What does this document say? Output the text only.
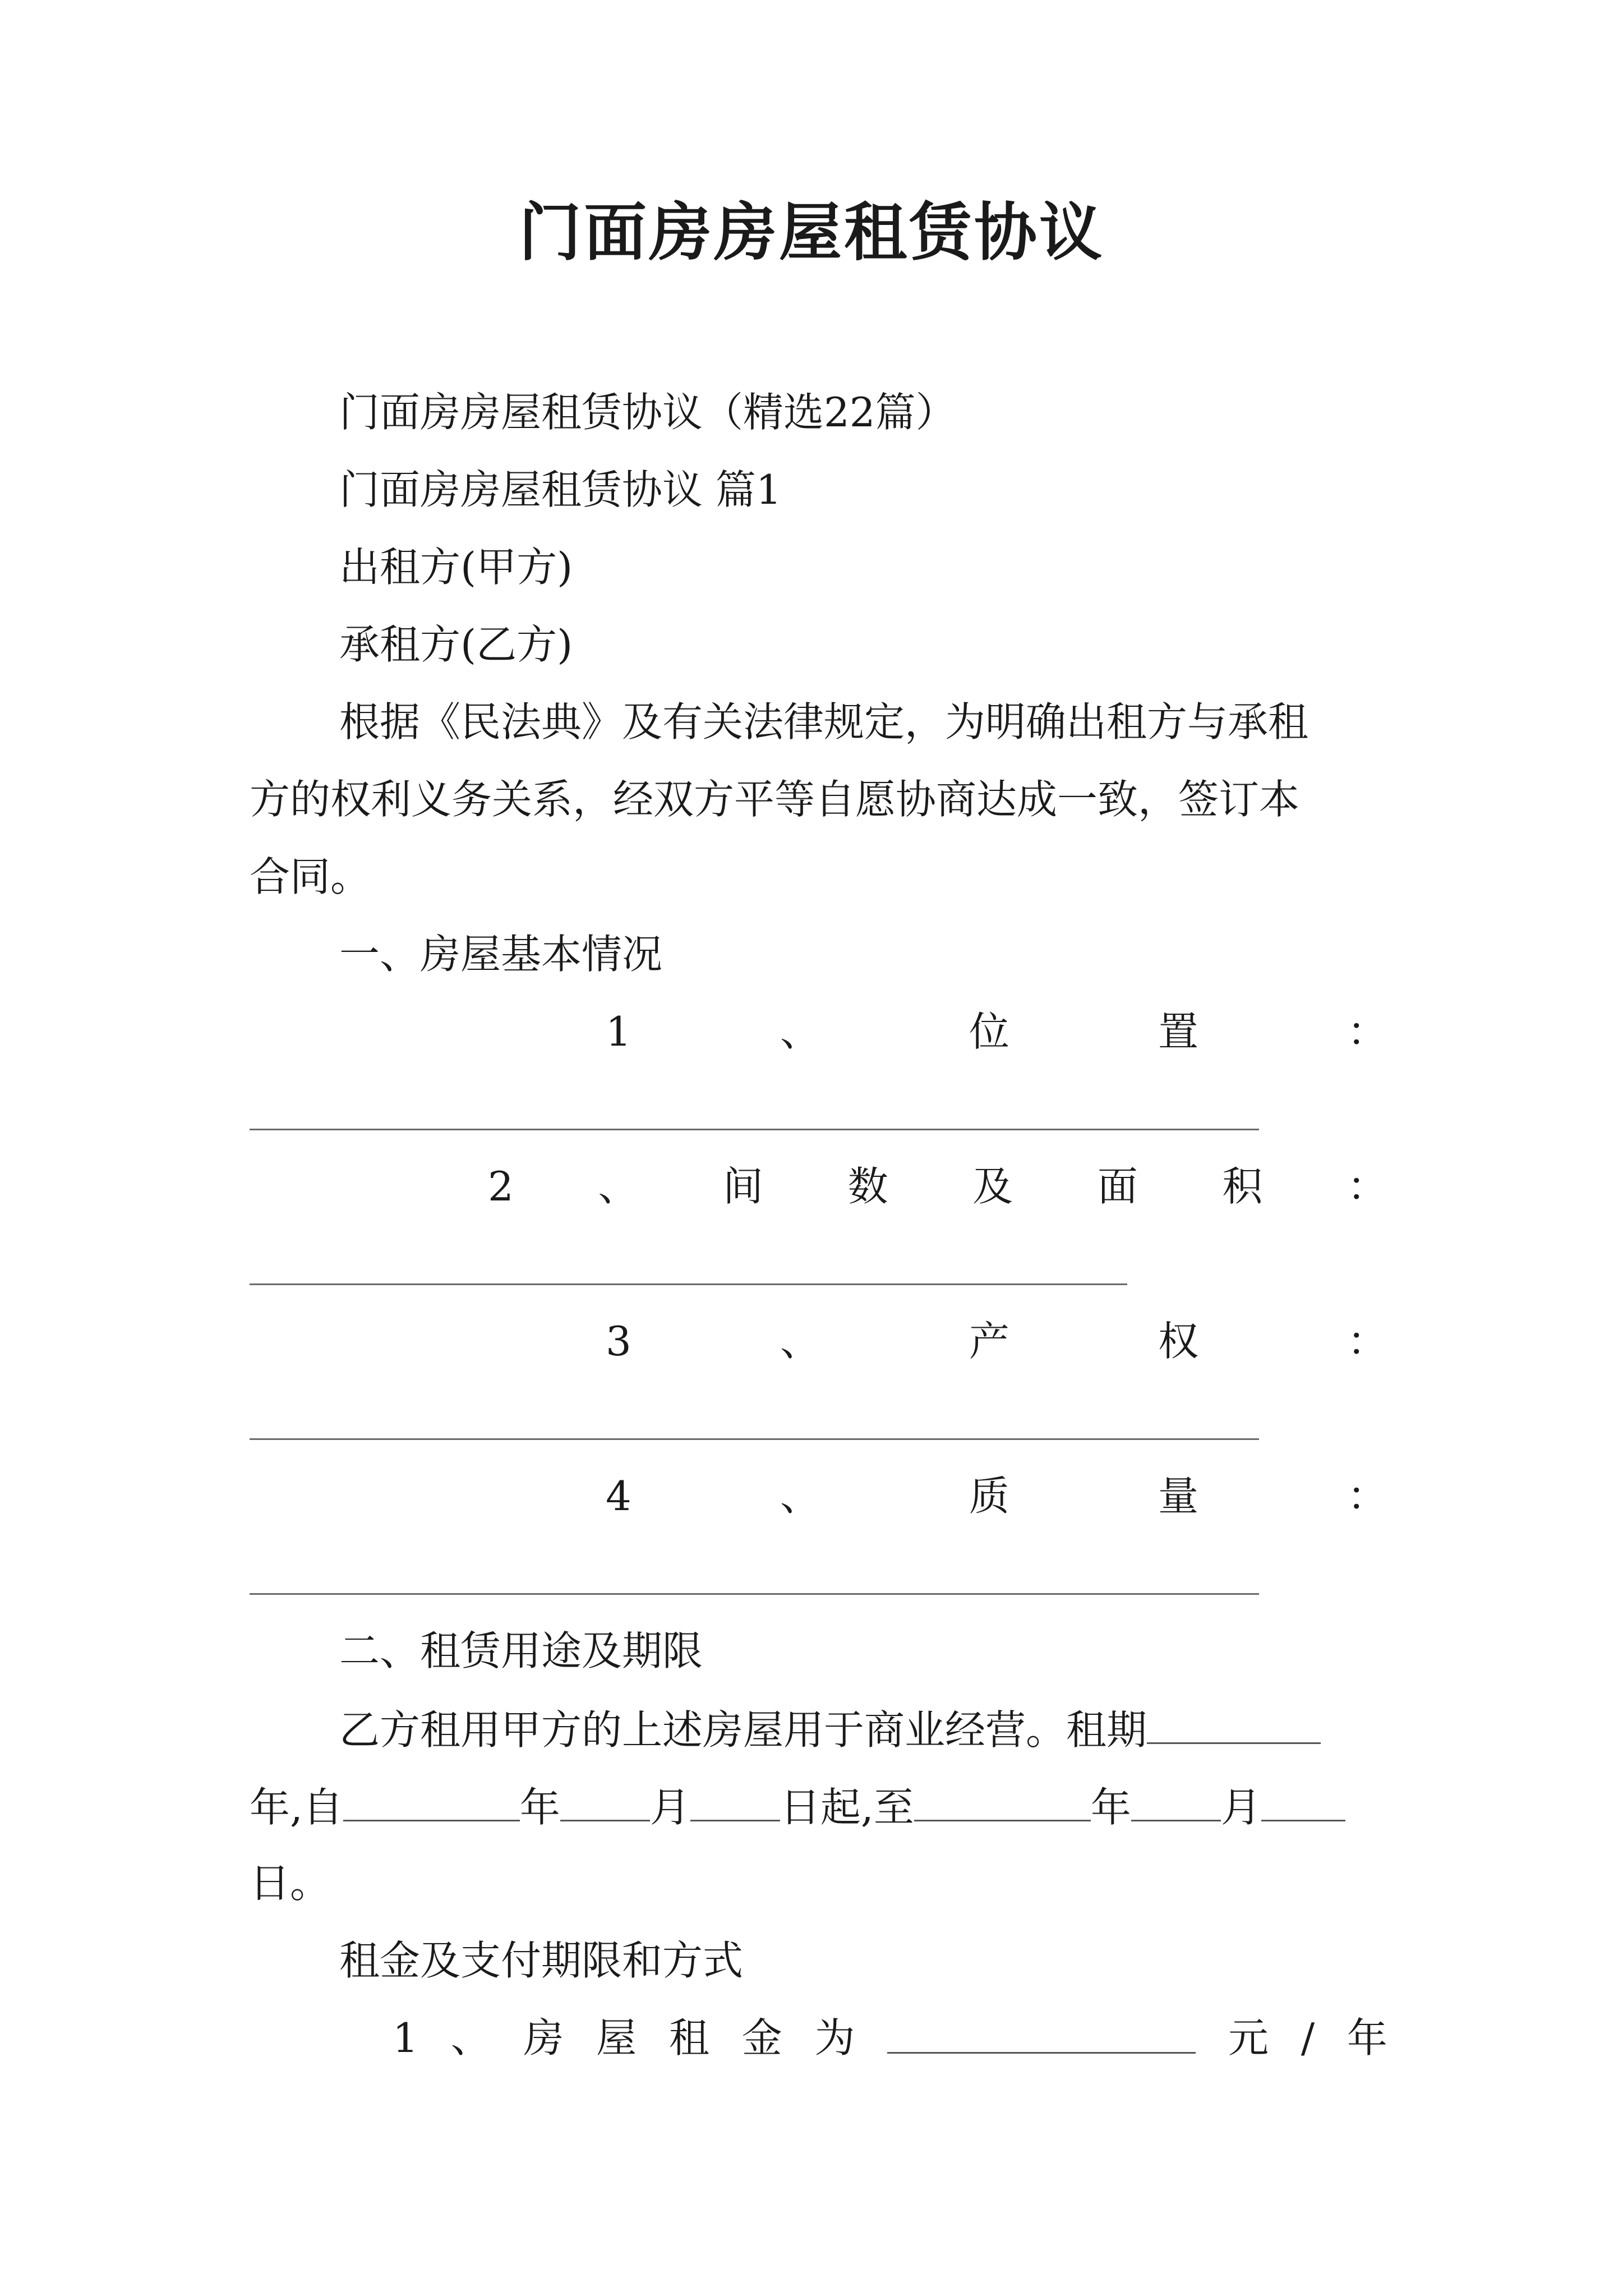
门面房房屋租赁协议
门面房房屋租赁协议（精选22篇）
门面房房屋租赁协议 篇1
出租方(甲方)
承租方(乙方)
根据《民法典》及有关法律规定，为明确出租方与承租
方的权利义务关系，经双方平等自愿协商达成一致，签订本
合同。
一、房屋基本情况
1	、	位	置	：
2 、 间 数 及 面 积 ：
3	、	产	权	：
4	、	质	量	：
二、租赁用途及期限
乙方租用甲方的上述房屋用于商业经营。租期
年,自	年 月 日起,至	年 月
日。
租金及支付期限和方式
1 、 房 屋 租 金 为	元 / 年
